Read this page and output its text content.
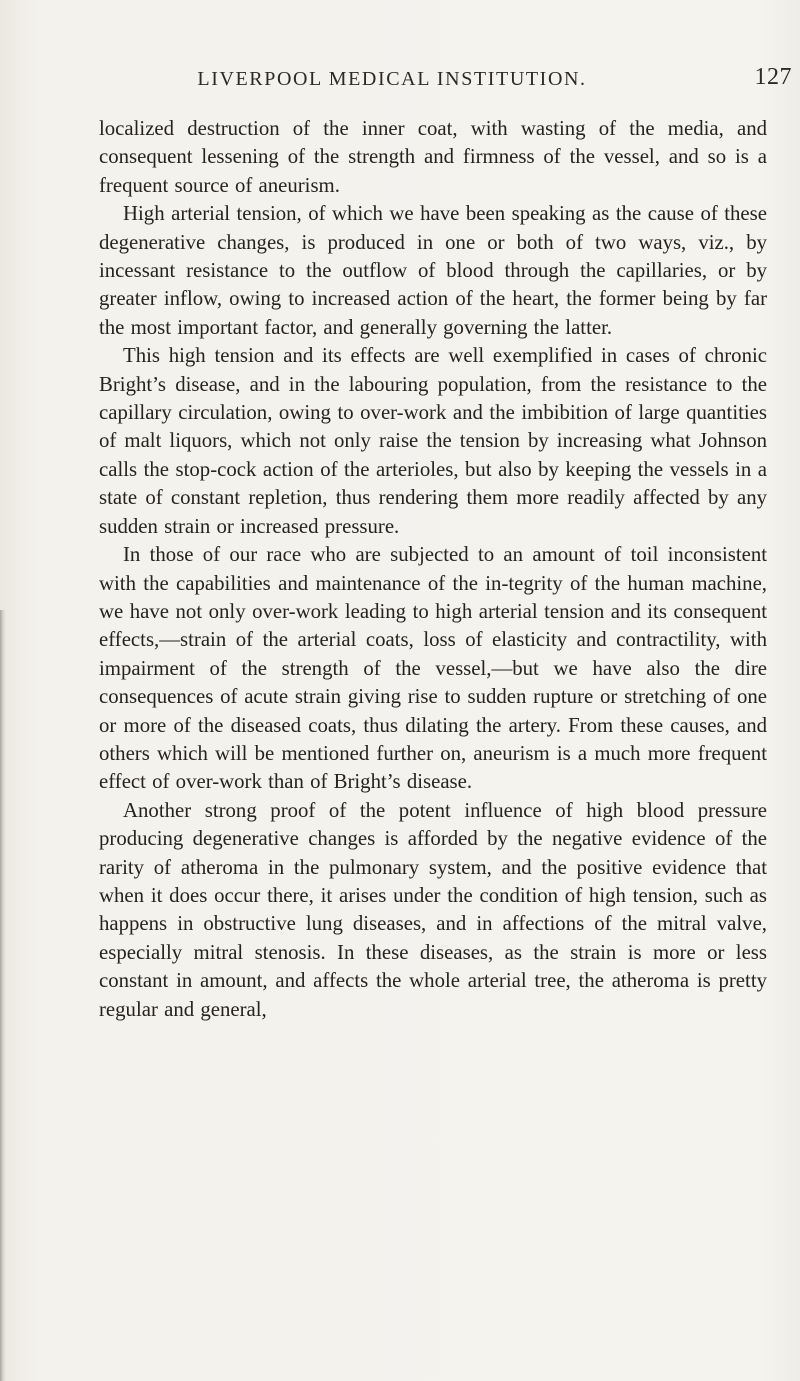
LIVERPOOL MEDICAL INSTITUTION.	127

localized destruction of the inner coat, with wasting of the media, and consequent lessening of the strength and firmness of the vessel, and so is a frequent source of aneurism.

High arterial tension, of which we have been speaking as the cause of these degenerative changes, is produced in one or both of two ways, viz., by incessant resistance to the outflow of blood through the capillaries, or by greater inflow, owing to increased action of the heart, the former being by far the most important factor, and generally governing the latter.

This high tension and its effects are well exemplified in cases of chronic Bright’s disease, and in the labouring population, from the resistance to the capillary circulation, owing to over-work and the imbibition of large quantities of malt liquors, which not only raise the tension by increasing what Johnson calls the stop-cock action of the arterioles, but also by keeping the vessels in a state of constant repletion, thus rendering them more readily affected by any sudden strain or increased pressure.

In those of our race who are subjected to an amount of toil inconsistent with the capabilities and maintenance of the in-tegrity of the human machine, we have not only over-work leading to high arterial tension and its consequent effects,—strain of the arterial coats, loss of elasticity and contractility, with impairment of the strength of the vessel,—but we have also the dire consequences of acute strain giving rise to sudden rupture or stretching of one or more of the diseased coats, thus dilating the artery. From these causes, and others which will be mentioned further on, aneurism is a much more frequent effect of over-work than of Bright’s disease.

Another strong proof of the potent influence of high blood pressure producing degenerative changes is afforded by the negative evidence of the rarity of atheroma in the pulmonary system, and the positive evidence that when it does occur there, it arises under the condition of high tension, such as happens in obstructive lung diseases, and in affections of the mitral valve, especially mitral stenosis. In these diseases, as the strain is more or less constant in amount, and affects the whole arterial tree, the atheroma is pretty regular and general,
